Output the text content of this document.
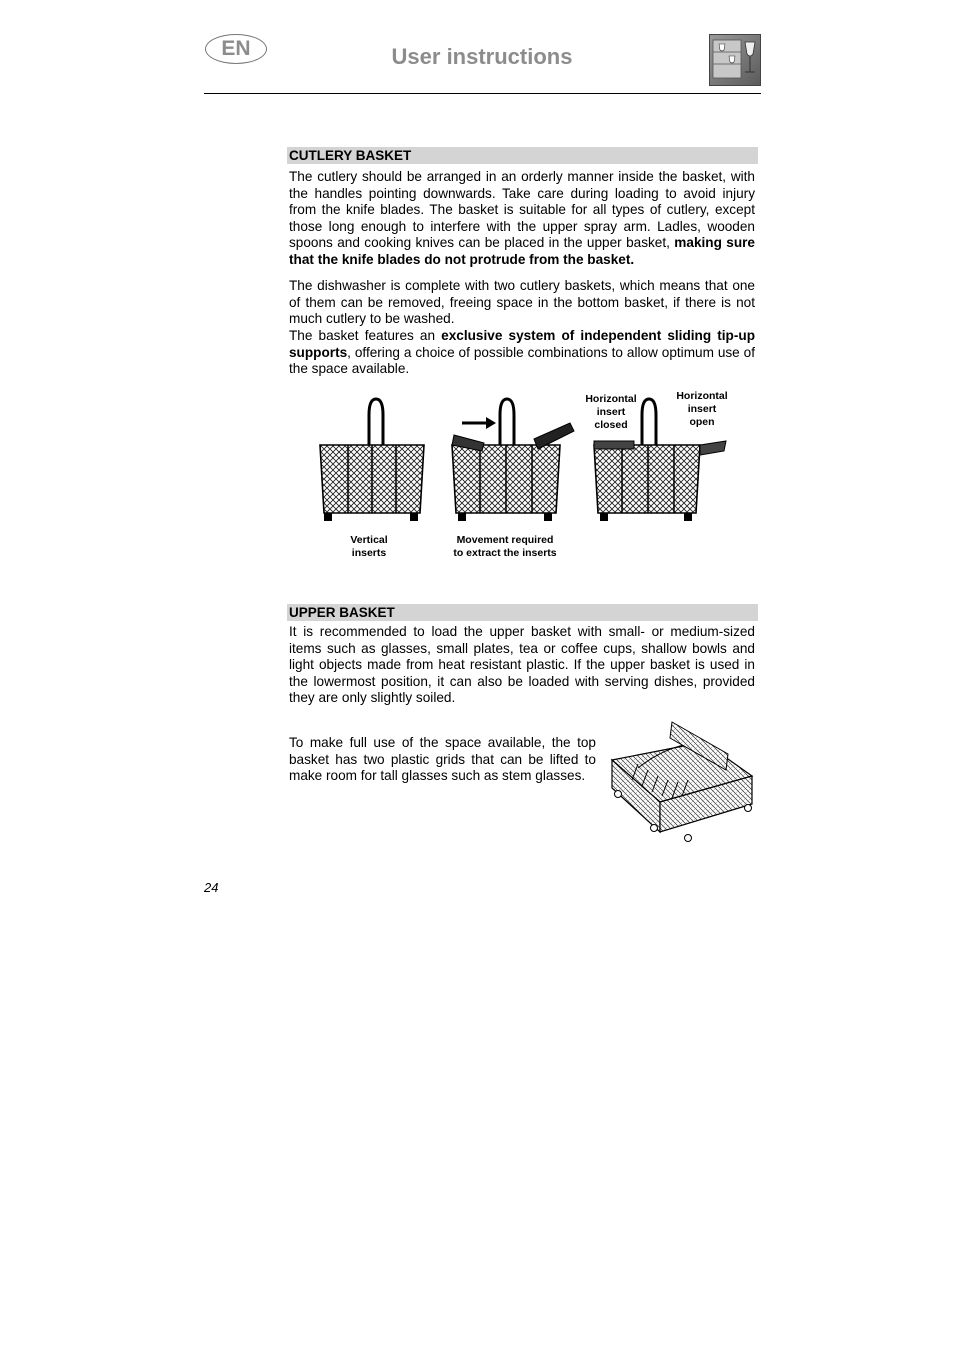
EN	User instructions
CUTLERY BASKET

The cutlery should be arranged in an orderly manner inside the basket, with the handles pointing downwards. Take care during loading to avoid injury from the knife blades. The basket is suitable for all types of cutlery, except those long enough to interfere with the upper spray arm. Ladles, wooden spoons and cooking knives can be placed in the upper basket, making sure that the knife blades do not protrude from the basket.

The dishwasher is complete with two cutlery baskets, which means that one of them can be removed, freeing space in the bottom basket, if there is not much cutlery to be washed.

The basket features an exclusive system of independent sliding tip-up supports, offering a choice of possible combinations to allow optimum use of the space available.

Horizontal
insert
closed
Horizontal
insert
open
Vertical
inserts
Movement required
to extract the inserts
UPPER BASKET

It is recommended to load the upper basket with small- or medium-sized items such as glasses, small plates, tea or coffee cups, shallow bowls and light objects made from heat resistant plastic. If the upper basket is used in the lowermost position, it can also be loaded with serving dishes, provided they are only slightly soiled.

To make full use of the space available, the top basket has two plastic grids that can be lifted to make room for tall glasses such as stem glasses.

24
